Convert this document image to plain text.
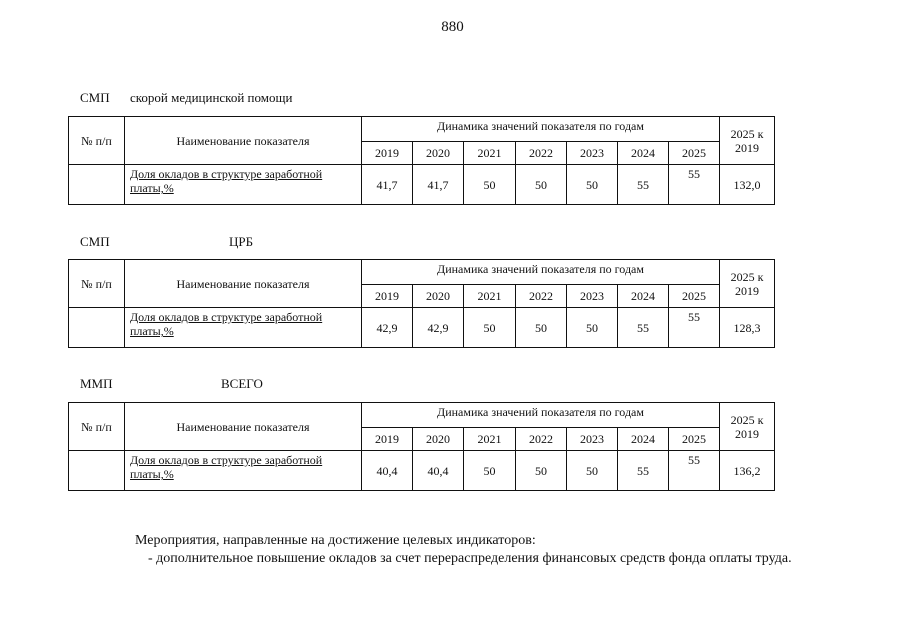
880
СМП скорой медицинской помощи
№ п/п	Наименование показателя	Динамика значений показателя по годам							2025 к 2019
		2019	2020	2021	2022	2023	2024	2025	
	Доля окладов в структуре заработной платы,%	41,7	41,7	50	50	50	55	55	132,0
СМП	ЦРБ
№ п/п	Наименование показателя	Динамика значений показателя по годам							2025 к 2019
		2019	2020	2021	2022	2023	2024	2025	
	Доля окладов в структуре заработной платы,%	42,9	42,9	50	50	50	55	55	128,3
ММП	ВСЕГО
№ п/п	Наименование показателя	Динамика значений показателя по годам							2025 к 2019
		2019	2020	2021	2022	2023	2024	2025	
	Доля окладов в структуре заработной платы,%	40,4	40,4	50	50	50	55	55	136,2
Мероприятия, направленные на достижение целевых индикаторов:
- дополнительное повышение окладов за счет перераспределения финансовых средств фонда оплаты труда.
